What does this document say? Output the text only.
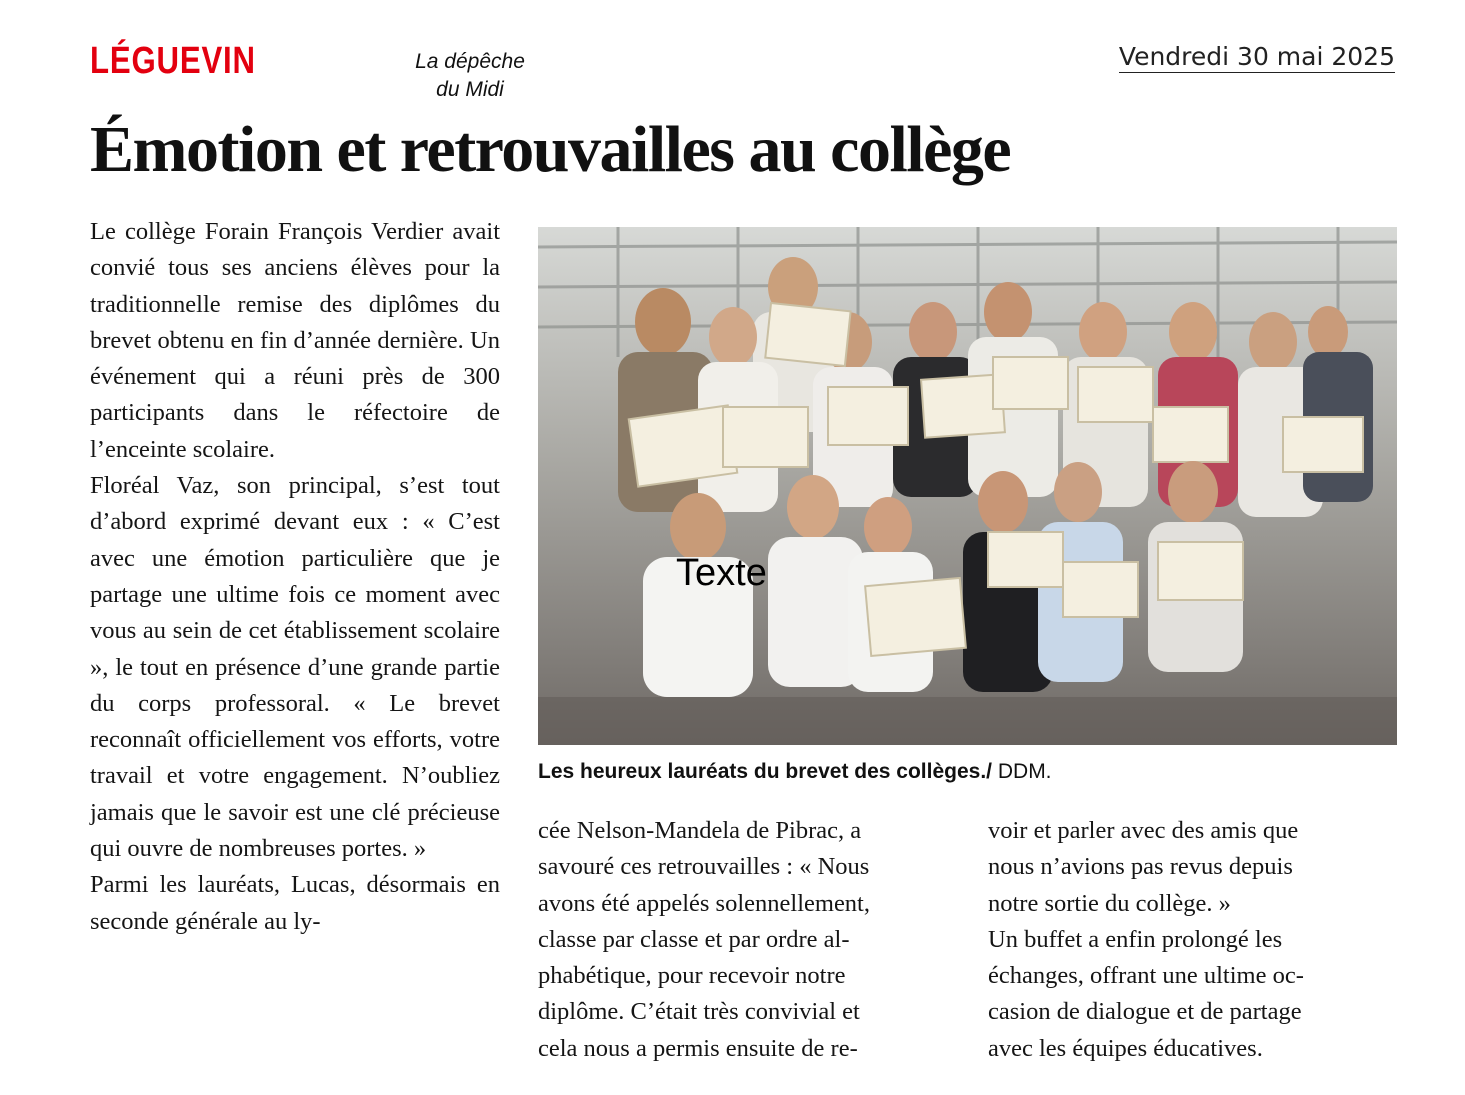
LÉGUEVIN	La dépêche
du Midi
Vendredi 30 mai 2025
Émotion et retrouvailles au collège

Le collège Forain François Verdier avait convié tous ses anciens élèves pour la traditionnelle remise des diplômes du brevet obtenu en fin d’année dernière. Un événement qui a réuni près de 300 participants dans le réfectoire de l’enceinte scolaire.

Floréal Vaz, son principal, s’est tout d’abord exprimé devant eux : « C’est avec une émotion particulière que je partage une ultime fois ce moment avec vous au sein de cet établissement scolaire », le tout en présence d’une grande partie du corps professoral. « Le brevet reconnaît officiellement vos efforts, votre travail et votre engagement. N’oubliez jamais que le savoir est une clé précieuse qui ouvre de nombreuses portes. »

Parmi les lauréats, Lucas, désormais en seconde générale au ly-

Texte
Les heureux lauréats du brevet des collèges./ DDM.
cée Nelson-Mandela de Pibrac, a
savouré ces retrouvailles : « Nous
avons été appelés solennellement,
classe par classe et par ordre al-
phabétique, pour recevoir notre
diplôme. C’était très convivial et
cela nous a permis ensuite de re-
voir et parler avec des amis que
nous n’avions pas revus depuis
notre sortie du collège. »
Un buffet a enfin prolongé les
échanges, offrant une ultime oc-
casion de dialogue et de partage
avec les équipes éducatives.
